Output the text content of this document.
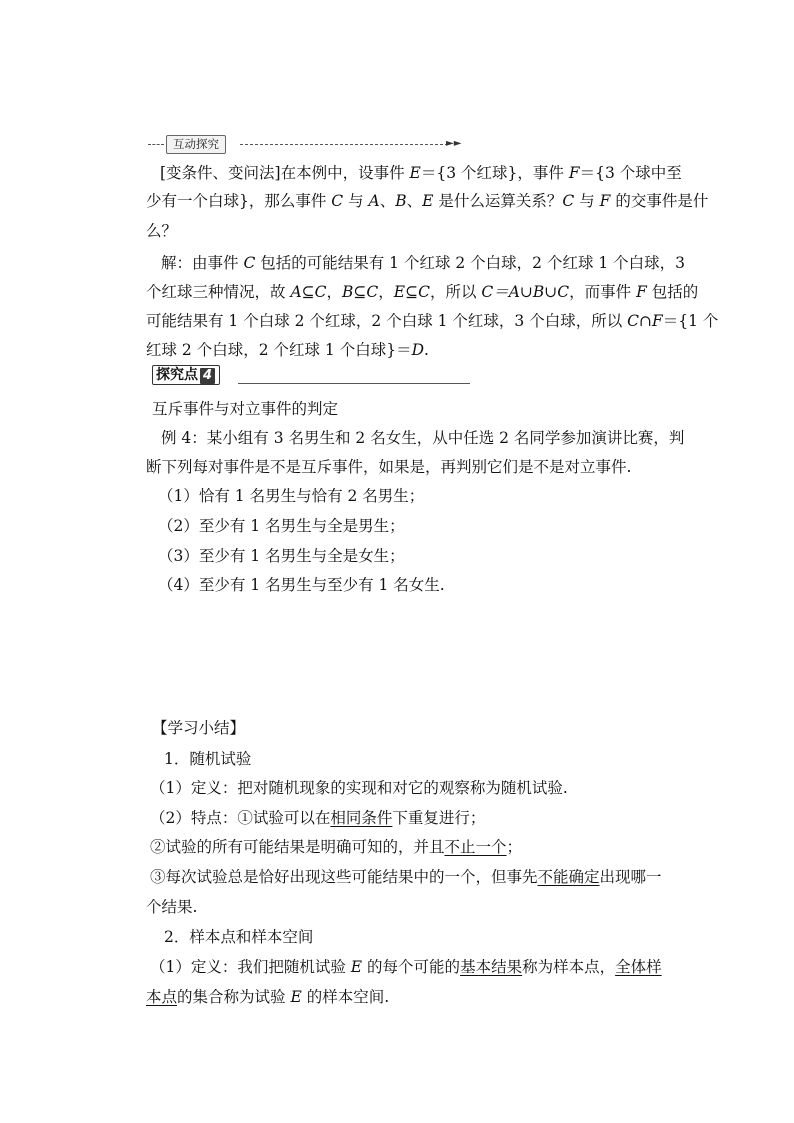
互动探究	►►
[变条件、变问法]在本例中，设事件 E＝{3 个红球}，事件 F＝{3 个球中至
少有一个白球}，那么事件 C 与 A、B、E 是什么运算关系？C 与 F 的交事件是什
么？
解：由事件 C 包括的可能结果有 1 个红球 2 个白球，2 个红球 1 个白球，3
个红球三种情况，故 A⊆C，B⊆C，E⊆C，所以 C＝A∪B∪C，而事件 F 包括的
可能结果有 1 个白球 2 个红球，2 个白球 1 个红球，3 个白球，所以 C∩F＝{1 个
红球 2 个白球，2 个红球 1 个白球}＝D.
探究点 4
互斥事件与对立事件的判定
例 4：某小组有 3 名男生和 2 名女生，从中任选 2 名同学参加演讲比赛，判
断下列每对事件是不是互斥事件，如果是，再判别它们是不是对立事件.
（1）恰有 1 名男生与恰有 2 名男生；
（2）至少有 1 名男生与全是男生；
（3）至少有 1 名男生与全是女生；
（4）至少有 1 名男生与至少有 1 名女生.
【学习小结】
1．随机试验
（1）定义：把对随机现象的实现和对它的观察称为随机试验.
（2）特点：①试验可以在相同条件下重复进行；
②试验的所有可能结果是明确可知的，并且不止一个；
③每次试验总是恰好出现这些可能结果中的一个，但事先不能确定出现哪一
个结果.
2．样本点和样本空间
（1）定义：我们把随机试验 E 的每个可能的基本结果称为样本点，全体样
本点的集合称为试验 E 的样本空间.
